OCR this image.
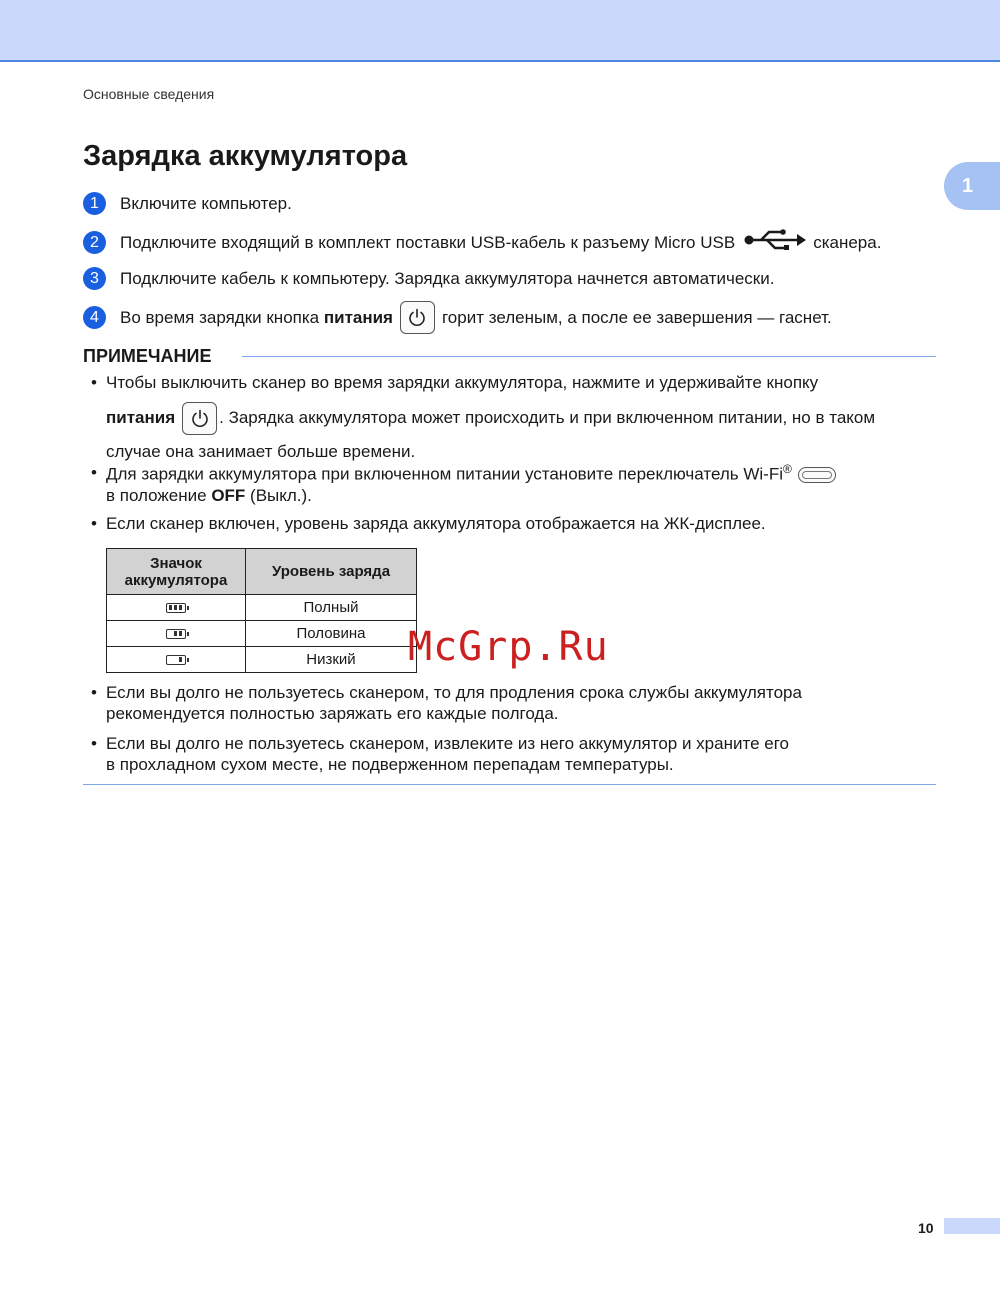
Основные сведения
1
Зарядка аккумулятора
1	Включите компьютер.
2	Подключите входящий в комплект поставки USB-кабель к разъему Micro USB	сканера.
3	Подключите кабель к компьютеру. Зарядка аккумулятора начнется автоматически.
4	Во время зарядки кнопка питания	горит зеленым, а после ее завершения — гаснет.
ПРИМЕЧАНИЕ
• Чтобы выключить сканер во время зарядки аккумулятора, нажмите и удерживайте кнопку
питания	. Зарядка аккумулятора может происходить и при включенном питании, но в таком
случае она занимает больше времени.
• Для зарядки аккумулятора при включенном питании установите переключатель Wi-Fi®
в положение OFF (Выкл.).
• Если сканер включен, уровень заряда аккумулятора отображается на ЖК-дисплее.
Значок аккумулятора	Уровень заряда

	Полный

	Половина

	Низкий McGrp.Ru
• Если вы долго не пользуетесь сканером, то для продления срока службы аккумулятора
рекомендуется полностью заряжать его каждые полгода.
• Если вы долго не пользуетесь сканером, извлеките из него аккумулятор и храните его
в прохладном сухом месте, не подверженном перепадам температуры.
10
